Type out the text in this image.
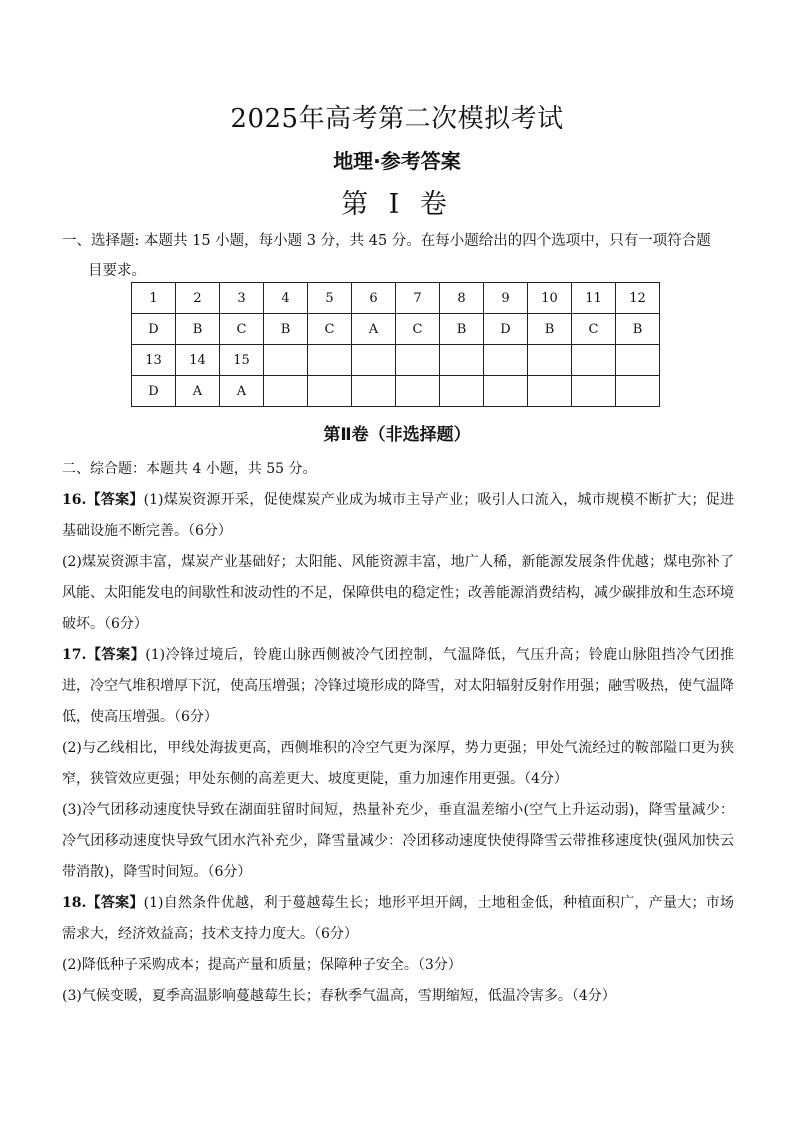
2025年高考第二次模拟考试
地理·参考答案
第 I 卷
一、选择题: 本题共 15 小题，每小题 3 分，共 45 分。在每小题给出的四个选项中，只有一项符合题
目要求。
1	2	3	4	5	6	7	8	9	10	11	12
D	B	C	B	C	A	C	B	D	B	C	B
13	14	15									
D	A	A									
第Ⅱ卷（非选择题）

二、综合题：本题共 4 小题，共 55 分。

16.【答案】(1)煤炭资源开采，促使煤炭产业成为城市主导产业；吸引人口流入，城市规模不断扩大；促进基础设施不断完善。（6分）

(2)煤炭资源丰富，煤炭产业基础好；太阳能、风能资源丰富，地广人稀，新能源发展条件优越；煤电弥补了风能、太阳能发电的间歇性和波动性的不足，保障供电的稳定性；改善能源消费结构，减少碳排放和生态环境破坏。（6分）

17.【答案】(1)冷锋过境后，铃鹿山脉西侧被冷气团控制，气温降低，气压升高；铃鹿山脉阻挡冷气团推进，冷空气堆积增厚下沉，使高压增强；冷锋过境形成的降雪，对太阳辐射反射作用强；融雪吸热，使气温降低，使高压增强。（6分）

(2)与乙线相比，甲线处海拔更高，西侧堆积的冷空气更为深厚，势力更强；甲处气流经过的鞍部隘口更为狭窄，狭管效应更强；甲处东侧的高差更大、坡度更陡，重力加速作用更强。（4分）

(3)冷气团移动速度快导致在湖面驻留时间短，热量补充少，垂直温差缩小(空气上升运动弱)，降雪量减少：冷气团移动速度快导致气团水汽补充少，降雪量减少：冷团移动速度快使得降雪云带推移速度快(强风加快云带消散)，降雪时间短。（6分）

18.【答案】(1)自然条件优越，利于蔓越莓生长；地形平坦开阔，土地租金低，种植面积广，产量大；市场需求大，经济效益高；技术支持力度大。（6分）

(2)降低种子采购成本；提高产量和质量；保障种子安全。（3分）

(3)气候变暖，夏季高温影响蔓越莓生长；春秋季气温高，雪期缩短，低温冷害多。（4分）
